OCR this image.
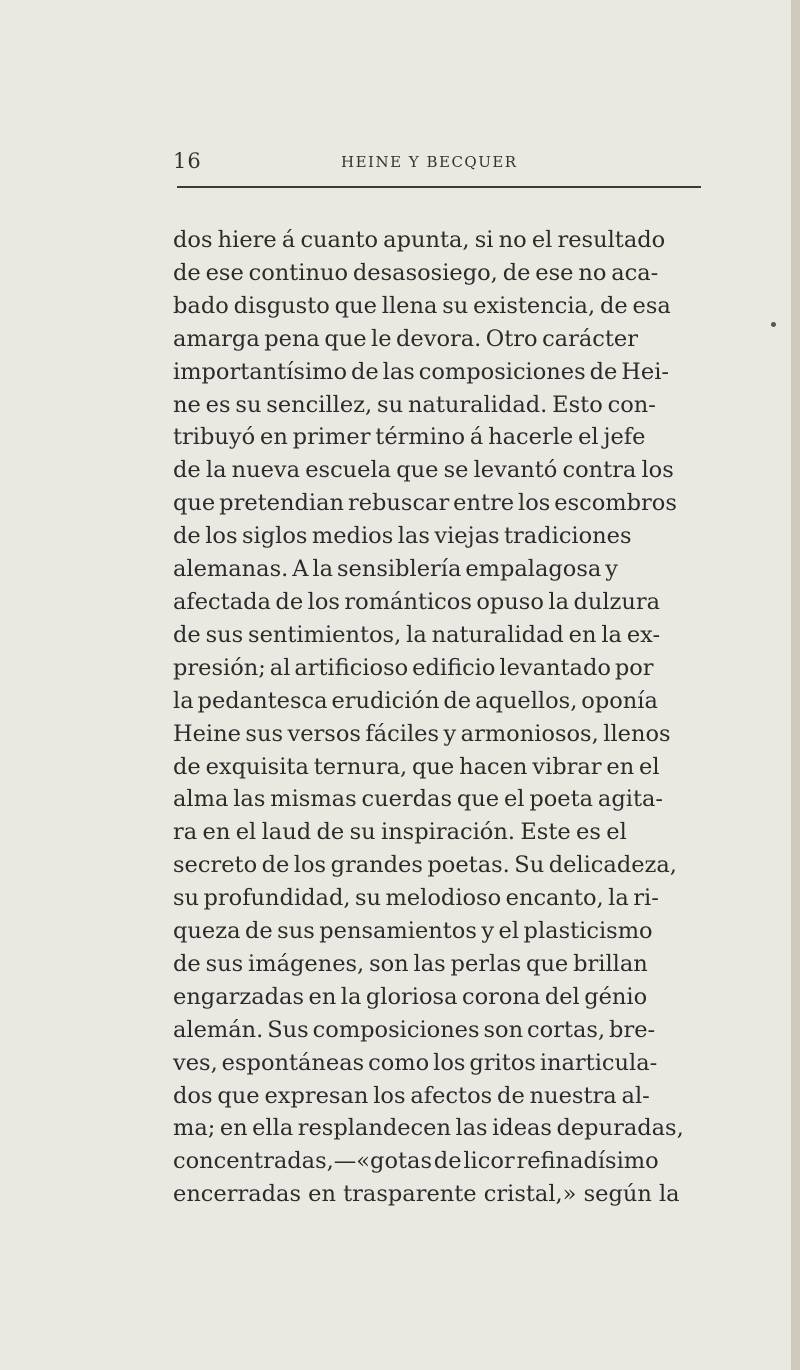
16	HEINE Y BECQUER
dos hiere á cuanto apunta, si no el resultado
de ese continuo desasosiego, de ese no aca-
bado disgusto que llena su existencia, de esa
amarga pena que le devora. Otro carácter
importantísimo de las composiciones de Hei-
ne es su sencillez, su naturalidad. Esto con-
tribuyó en primer término á hacerle el jefe
de la nueva escuela que se levantó contra los
que pretendian rebuscar entre los escombros
de los siglos medios las viejas tradiciones
alemanas. A la sensiblería empalagosa y
afectada de los románticos opuso la dulzura
de sus sentimientos, la naturalidad en la ex-
presión; al artificioso edificio levantado por
la pedantesca erudición de aquellos, oponía
Heine sus versos fáciles y armoniosos, llenos
de exquisita ternura, que hacen vibrar en el
alma las mismas cuerdas que el poeta agita-
ra en el laud de su inspiración. Este es el
secreto de los grandes poetas. Su delicadeza,
su profundidad, su melodioso encanto, la ri-
queza de sus pensamientos y el plasticismo
de sus imágenes, son las perlas que brillan
engarzadas en la gloriosa corona del génio
alemán. Sus composiciones son cortas, bre-
ves, espontáneas como los gritos inarticula-
dos que expresan los afectos de nuestra al-
ma; en ella resplandecen las ideas depuradas,
concentradas,—«gotas de licor refinadísimo
encerradas en trasparente cristal,» según la
